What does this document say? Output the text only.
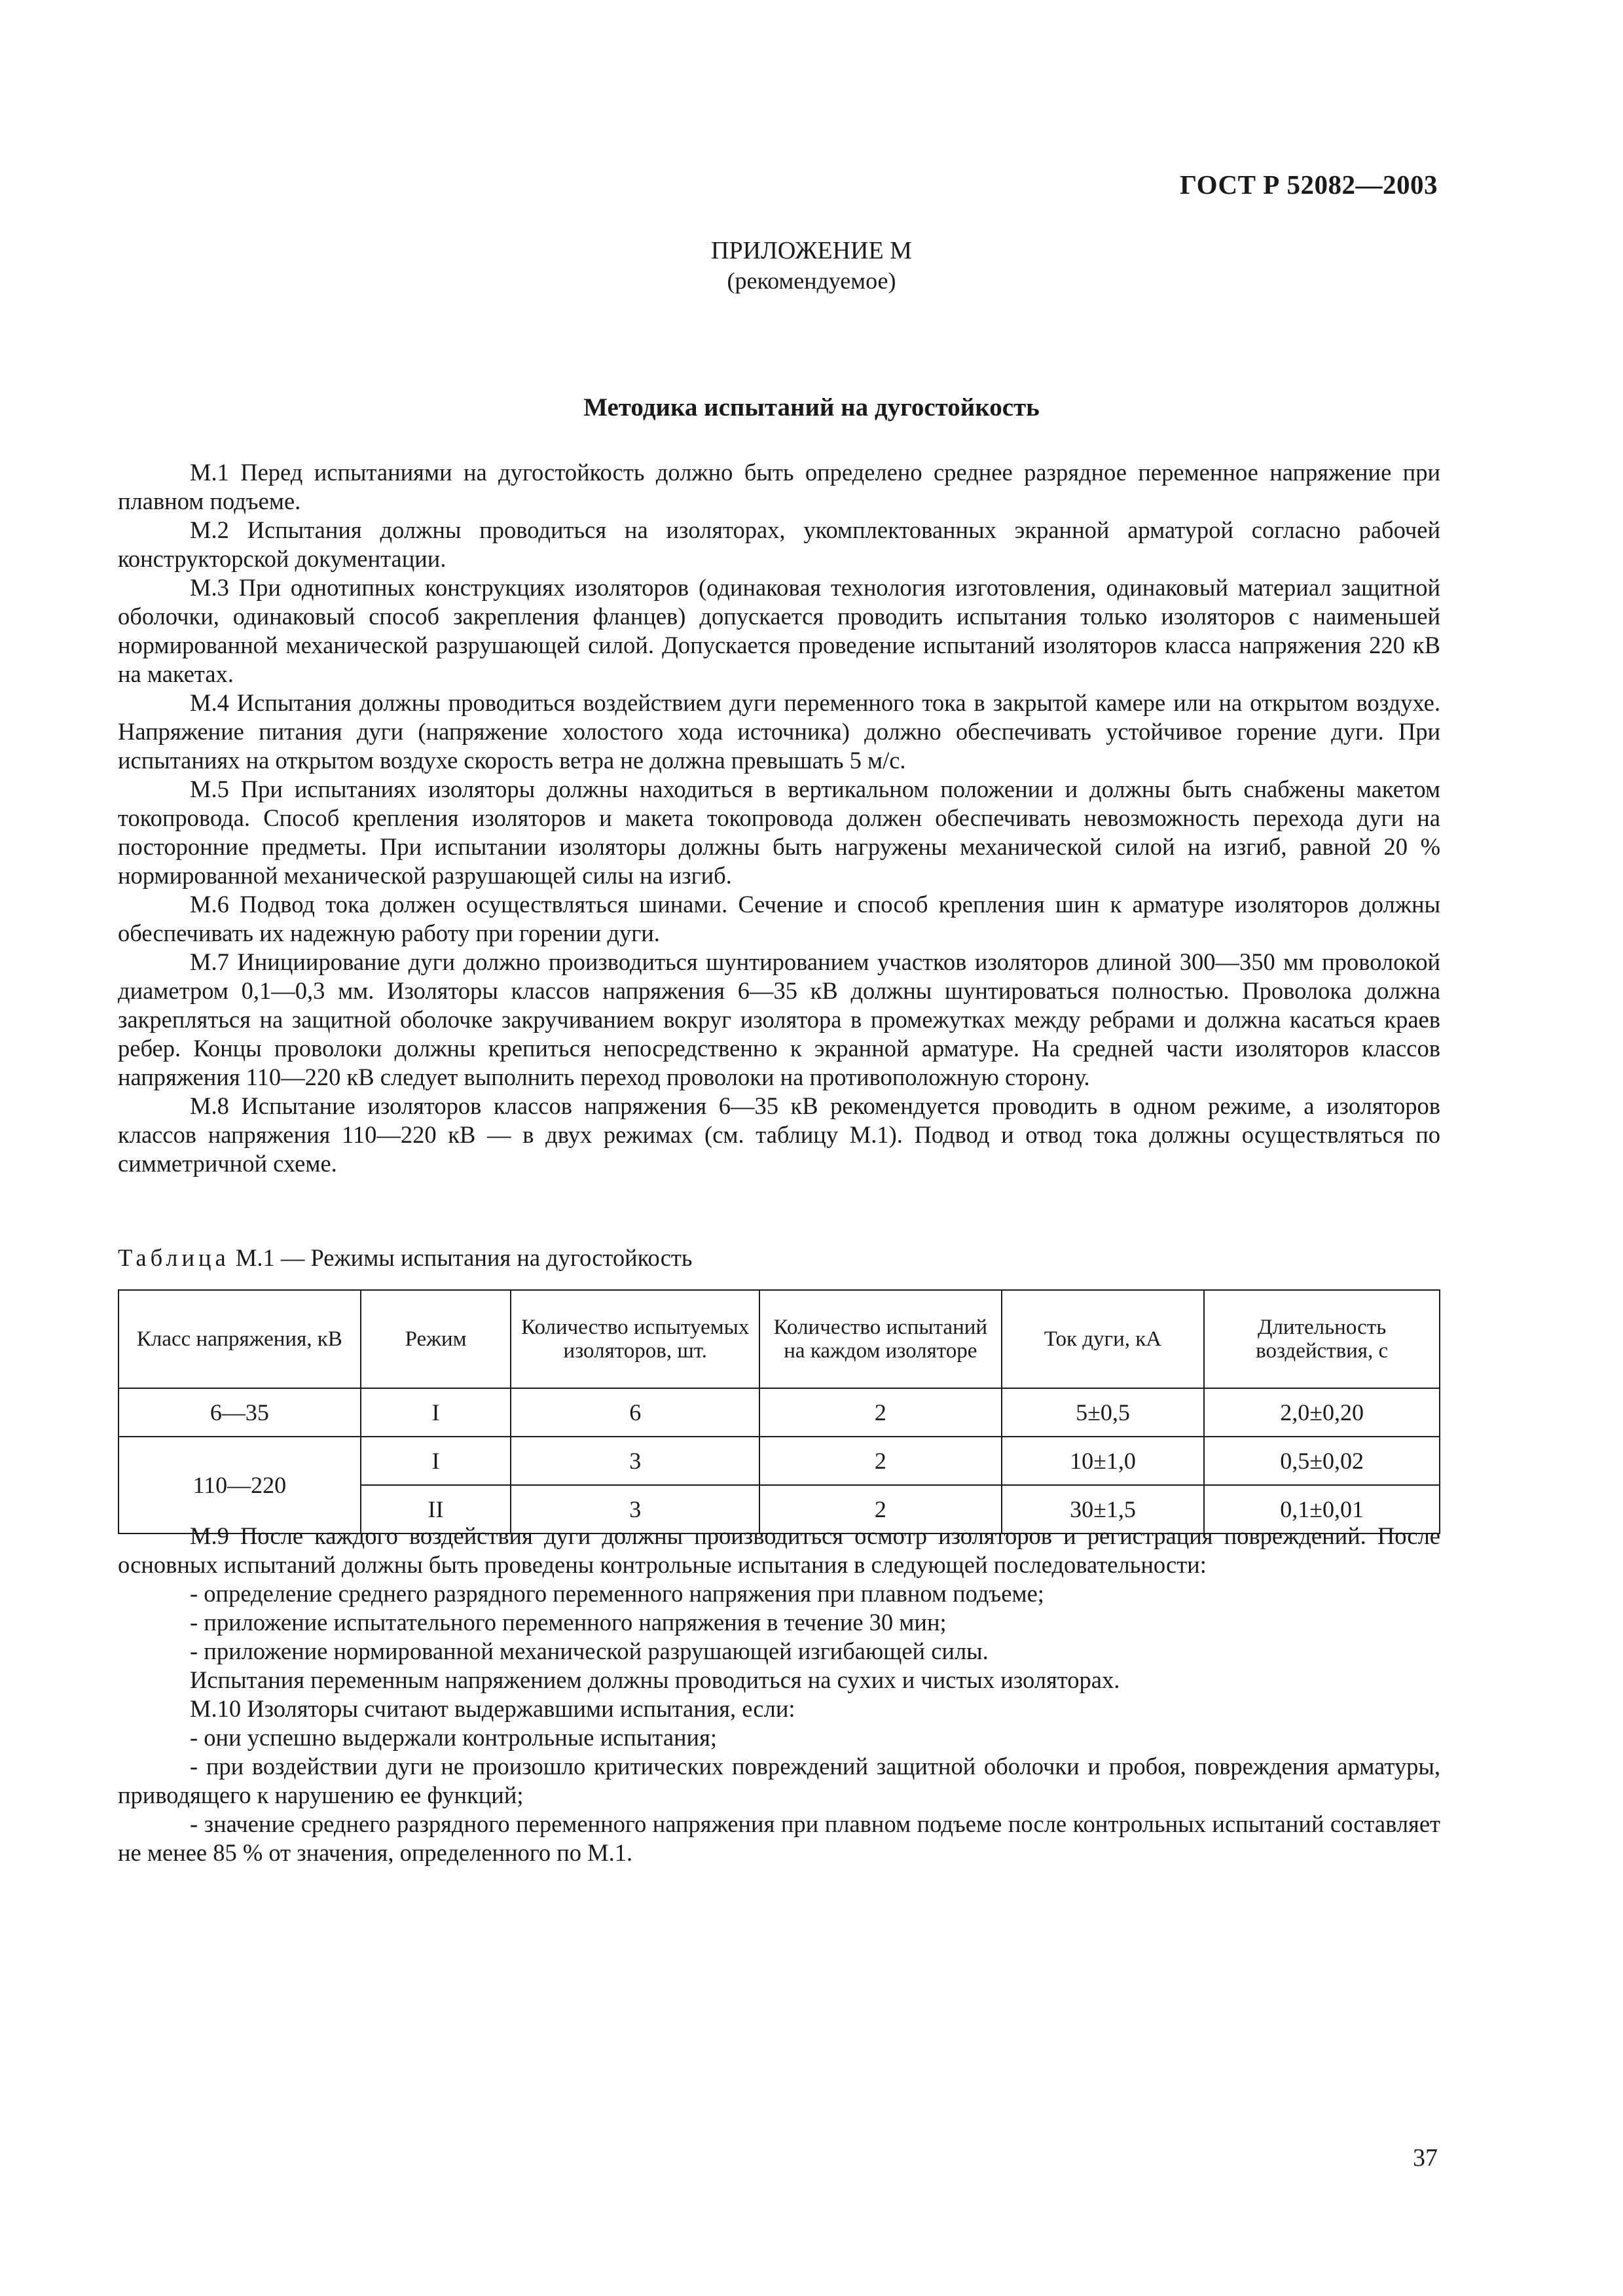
ГОСТ Р 52082—2003
ПРИЛОЖЕНИЕ М
(рекомендуемое)
Методика испытаний на дугостойкость

М.1 Перед испытаниями на дугостойкость должно быть определено среднее разрядное переменное напряжение при плавном подъеме.

М.2 Испытания должны проводиться на изоляторах, укомплектованных экранной арматурой согласно рабочей конструкторской документации.

М.3 При однотипных конструкциях изоляторов (одинаковая технология изготовления, одинаковый материал защитной оболочки, одинаковый способ закрепления фланцев) допускается проводить испытания только изоляторов с наименьшей нормированной механической разрушающей силой. Допускается проведение испытаний изоляторов класса напряжения 220 кВ на макетах.

М.4 Испытания должны проводиться воздействием дуги переменного тока в закрытой камере или на открытом воздухе. Напряжение питания дуги (напряжение холостого хода источника) должно обеспечивать устойчивое горение дуги. При испытаниях на открытом воздухе скорость ветра не должна превышать 5 м/с.

М.5 При испытаниях изоляторы должны находиться в вертикальном положении и должны быть снабжены макетом токопровода. Способ крепления изоляторов и макета токопровода должен обеспечивать невозможность перехода дуги на посторонние предметы. При испытании изоляторы должны быть нагружены механической силой на изгиб, равной 20 % нормированной механической разрушающей силы на изгиб.

М.6 Подвод тока должен осуществляться шинами. Сечение и способ крепления шин к арматуре изоляторов должны обеспечивать их надежную работу при горении дуги.

М.7 Инициирование дуги должно производиться шунтированием участков изоляторов длиной 300—350 мм проволокой диаметром 0,1—0,3 мм. Изоляторы классов напряжения 6—35 кВ должны шунтироваться полностью. Проволока должна закрепляться на защитной оболочке закручиванием вокруг изолятора в промежутках между ребрами и должна касаться краев ребер. Концы проволоки должны крепиться непосредственно к экранной арматуре. На средней части изоляторов классов напряжения 110—220 кВ следует выполнить переход проволоки на противоположную сторону.

М.8 Испытание изоляторов классов напряжения 6—35 кВ рекомендуется проводить в одном режиме, а изоляторов классов напряжения 110—220 кВ — в двух режимах (см. таблицу М.1). Подвод и отвод тока должны осуществляться по симметричной схеме.

Таблица М.1 — Режимы испытания на дугостойкость
Класс напряжения, кВ	Режим	Количество испытуемых изоляторов, шт.	Количество испытаний на каждом изоляторе	Ток дуги, кА	Длительность воздействия, с
6—35	I	6	2	5±0,5	2,0±0,20
110—220	I	3	2	10±1,0	0,5±0,02
	II	3	2	30±1,5	0,1±0,01

М.9 После каждого воздействия дуги должны производиться осмотр изоляторов и регистрация повреждений. После основных испытаний должны быть проведены контрольные испытания в следующей последовательности:

- определение среднего разрядного переменного напряжения при плавном подъеме;

- приложение испытательного переменного напряжения в течение 30 мин;

- приложение нормированной механической разрушающей изгибающей силы.

Испытания переменным напряжением должны проводиться на сухих и чистых изоляторах.

М.10 Изоляторы считают выдержавшими испытания, если:

- они успешно выдержали контрольные испытания;

- при воздействии дуги не произошло критических повреждений защитной оболочки и пробоя, повреждения арматуры, приводящего к нарушению ее функций;

- значение среднего разрядного переменного напряжения при плавном подъеме после контрольных испытаний составляет не менее 85 % от значения, определенного по М.1.

37
